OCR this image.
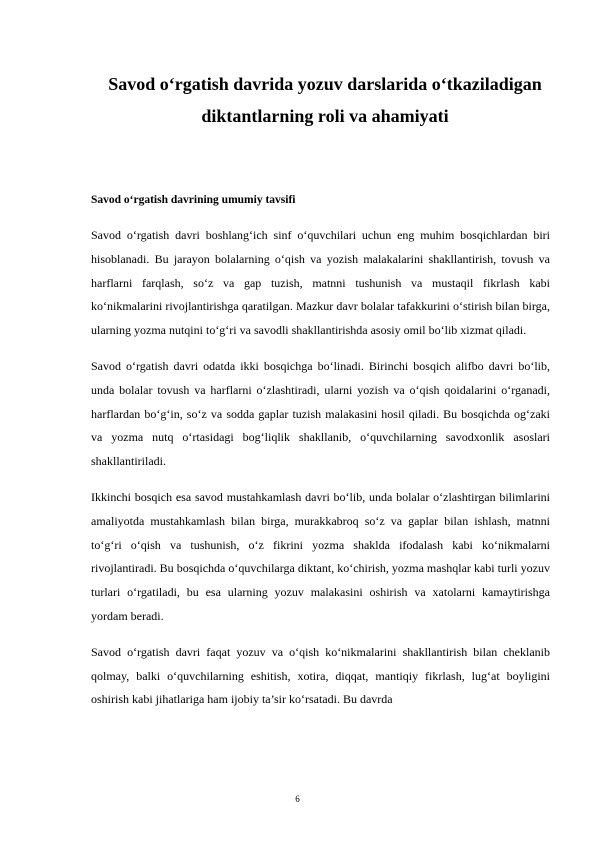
Savod o‘rgatish davrida yozuv darslarida o‘tkaziladigan
diktantlarning roli va ahamiyati
Savod o‘rgatish davrining umumiy tavsifi

Savod o‘rgatish davri boshlang‘ich sinf o‘quvchilari uchun eng muhim bosqichlardan biri hisoblanadi. Bu jarayon bolalarning o‘qish va yozish malakalarini shakllantirish, tovush va harflarni farqlash, so‘z va gap tuzish, matnni tushunish va mustaqil fikrlash kabi ko‘nikmalarini rivojlantirishga qaratilgan. Mazkur davr bolalar tafakkurini o‘stirish bilan birga, ularning yozma nutqini to‘g‘ri va savodli shakllantirishda asosiy omil bo‘lib xizmat qiladi.

Savod o‘rgatish davri odatda ikki bosqichga bo‘linadi. Birinchi bosqich alifbo davri bo‘lib, unda bolalar tovush va harflarni o‘zlashtiradi, ularni yozish va o‘qish qoidalarini o‘rganadi, harflardan bo‘g‘in, so‘z va sodda gaplar tuzish malakasini hosil qiladi. Bu bosqichda og‘zaki va yozma nutq o‘rtasidagi bog‘liqlik shakllanib, o‘quvchilarning savodxonlik asoslari shakllantiriladi.

Ikkinchi bosqich esa savod mustahkamlash davri bo‘lib, unda bolalar o‘zlashtirgan bilimlarini amaliyotda mustahkamlash bilan birga, murakkabroq so‘z va gaplar bilan ishlash, matnni to‘g‘ri o‘qish va tushunish, o‘z fikrini yozma shaklda ifodalash kabi ko‘nikmalarni rivojlantiradi. Bu bosqichda o‘quvchilarga diktant, ko‘chirish, yozma mashqlar kabi turli yozuv turlari o‘rgatiladi, bu esa ularning yozuv malakasini oshirish va xatolarni kamaytirishga yordam beradi.

Savod o‘rgatish davri faqat yozuv va o‘qish ko‘nikmalarini shakllantirish bilan cheklanib qolmay, balki o‘quvchilarning eshitish, xotira, diqqat, mantiqiy fikrlash, lug‘at boyligini oshirish kabi jihatlariga ham ijobiy ta’sir ko‘rsatadi. Bu davrda

6
